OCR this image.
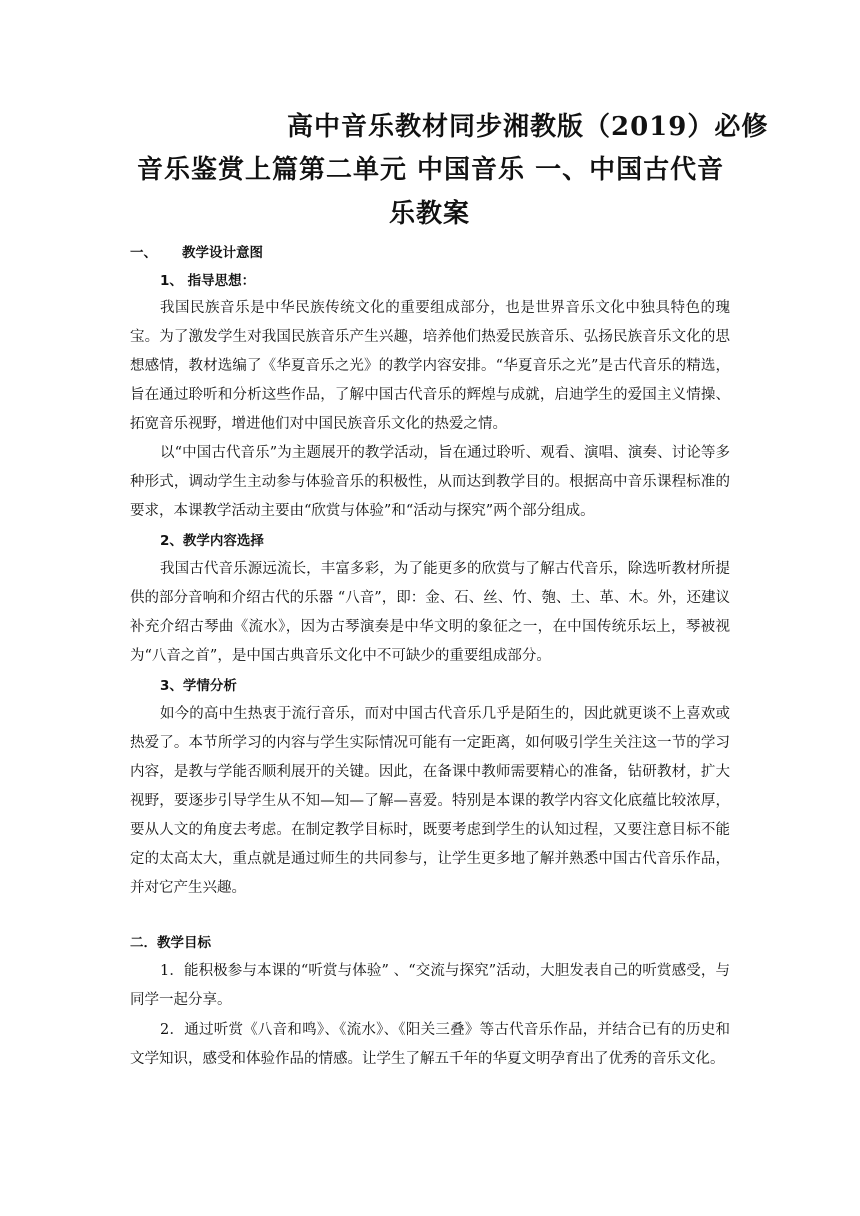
高中音乐教材同步湘教版（2019）必修
音乐鉴赏上篇第二单元 中国音乐 一、中国古代音
乐教案
一、 教学设计意图
1、 指导思想：
我国民族音乐是中华民族传统文化的重要组成部分，也是世界音乐文化中独具特色的瑰宝。为了激发学生对我国民族音乐产生兴趣，培养他们热爱民族音乐、弘扬民族音乐文化的思想感情，教材选编了《华夏音乐之光》的教学内容安排。“华夏音乐之光”是古代音乐的精选，旨在通过聆听和分析这些作品，了解中国古代音乐的辉煌与成就，启迪学生的爱国主义情操、拓宽音乐视野，增进他们对中国民族音乐文化的热爱之情。
以“中国古代音乐”为主题展开的教学活动，旨在通过聆听、观看、演唱、演奏、讨论等多种形式，调动学生主动参与体验音乐的积极性，从而达到教学目的。根据高中音乐课程标准的要求，本课教学活动主要由“欣赏与体验”和“活动与探究”两个部分组成。
2、教学内容选择
我国古代音乐源远流长，丰富多彩，为了能更多的欣赏与了解古代音乐，除选听教材所提供的部分音响和介绍古代的乐器 “八音”，即：金、石、丝、竹、匏、土、革、木。外，还建议补充介绍古琴曲《流水》，因为古琴演奏是中华文明的象征之一，在中国传统乐坛上，琴被视为“八音之首”，是中国古典音乐文化中不可缺少的重要组成部分。
3、学情分析
如今的高中生热衷于流行音乐，而对中国古代音乐几乎是陌生的，因此就更谈不上喜欢或热爱了。本节所学习的内容与学生实际情况可能有一定距离，如何吸引学生关注这一节的学习内容，是教与学能否顺利展开的关键。因此，在备课中教师需要精心的准备，钻研教材，扩大视野，要逐步引导学生从不知—知—了解—喜爱。特别是本课的教学内容文化底蕴比较浓厚，要从人文的角度去考虑。在制定教学目标时，既要考虑到学生的认知过程，又要注意目标不能定的太高太大，重点就是通过师生的共同参与，让学生更多地了解并熟悉中国古代音乐作品，并对它产生兴趣。
二．教学目标
1．能积极参与本课的“听赏与体验” 、“交流与探究”活动，大胆发表自己的听赏感受，与同学一起分享。
2．通过听赏《八音和鸣》、《流水》、《阳关三叠》等古代音乐作品，并结合已有的历史和文学知识，感受和体验作品的情感。让学生了解五千年的华夏文明孕育出了优秀的音乐文化。
